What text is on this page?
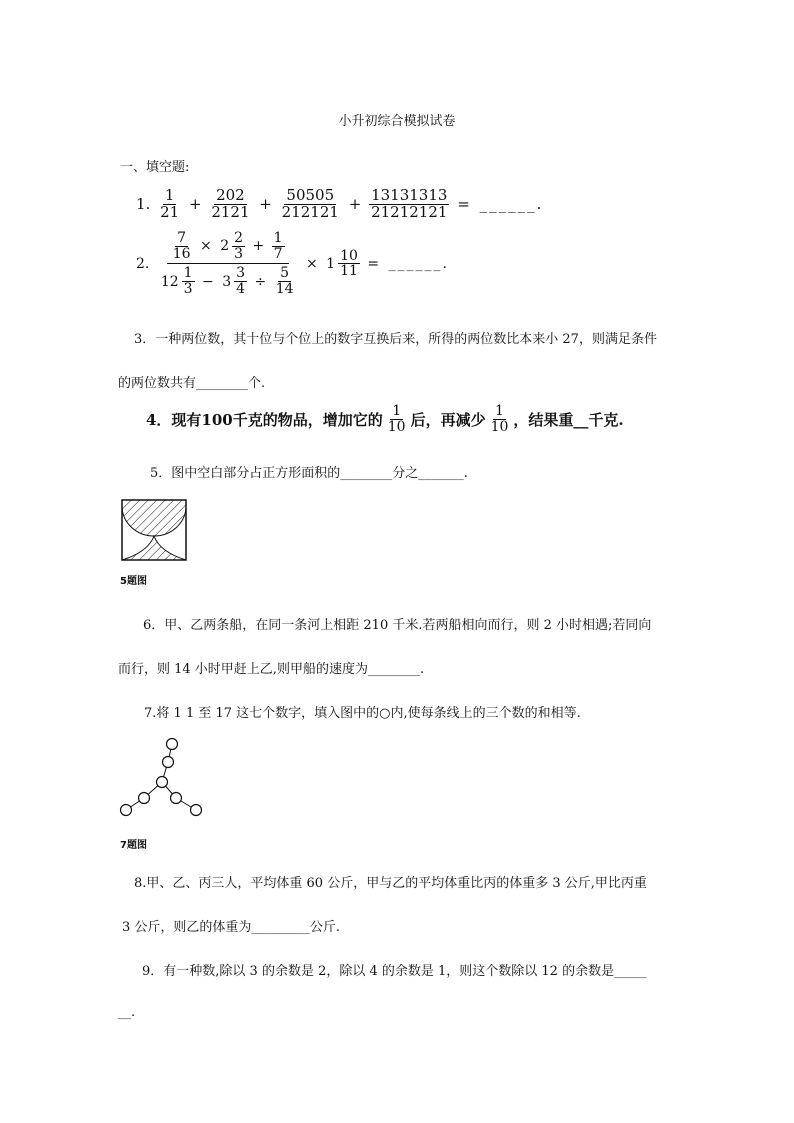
小升初综合模拟试卷
一、填空题:
1. $\frac{1}{21} + \frac{202}{2121} + \frac{50505}{212121} + \frac{13131313}{21212121}$ = ______.
2. $\frac{\frac{7}{16} \times 2 \frac{2}{3} + \frac{1}{7}}{12 \frac{1}{3} - 3 \frac{3}{4} \div \frac{5}{14}} \times 1 \frac{10}{11}$ = ______.
3．一种两位数，其十位与个位上的数字互换后来，所得的两位数比本来小 27，则满足条件
的两位数共有________个.
4．现有100千克的物品，增加它的 $\frac{1}{10}$ 后，再减少 $\frac{1}{10}$ ，结果重__千克.
5．图中空白部分占正方形面积的________分之_______.
5题图
6．甲、乙两条船，在同一条河上相距 210 千米.若两船相向而行，则 2 小时相遇;若同向
而行，则 14 小时甲赶上乙,则甲船的速度为________.
7.将 1 1 至 17 这七个数字，填入图中的○内,使每条线上的三个数的和相等.
7题图
8.甲、乙、丙三人，平均体重 60 公斤，甲与乙的平均体重比丙的体重多 3 公斤,甲比丙重
3 公斤，则乙的体重为_________公斤.
9．有一种数,除以 3 的余数是 2，除以 4 的余数是 1，则这个数除以 12 的余数是_____
__.
